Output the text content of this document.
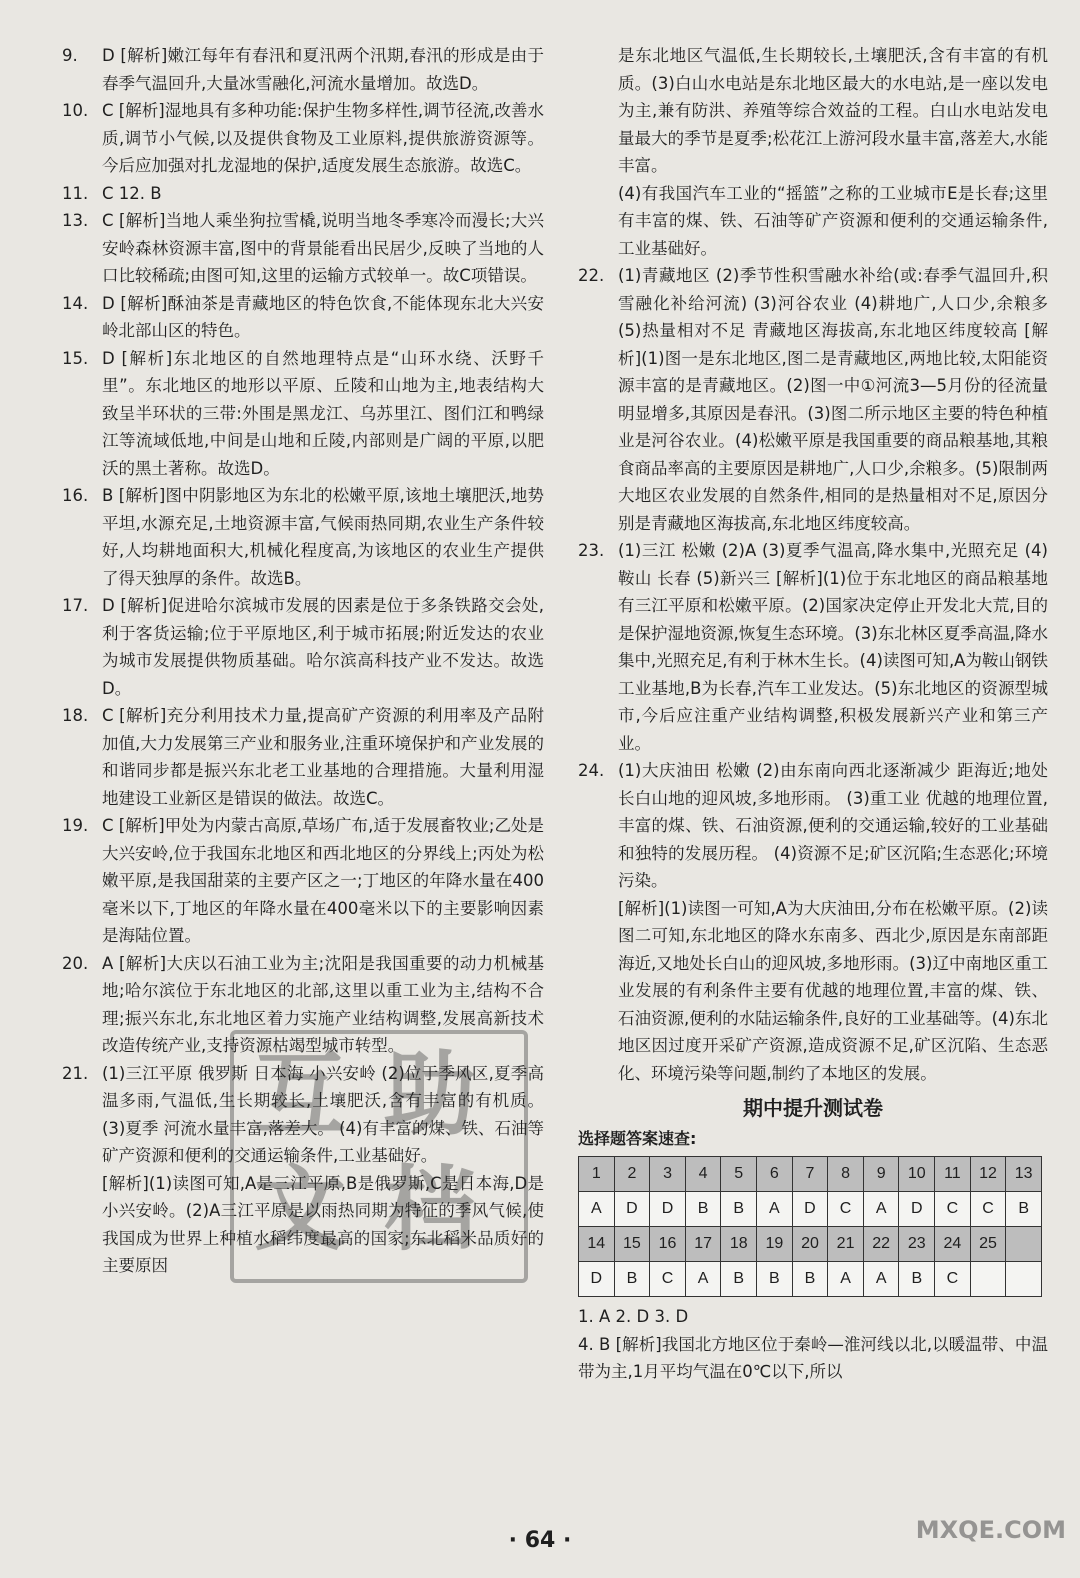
9.	D [解析]嫩江每年有春汛和夏汛两个汛期,春汛的形成是由于春季气温回升,大量冰雪融化,河流水量增加。故选D。
10. C [解析]湿地具有多种功能:保护生物多样性,调节径流,改善水质,调节小气候,以及提供食物及工业原料,提供旅游资源等。今后应加强对扎龙湿地的保护,适度发展生态旅游。故选C。
11. C 12. B
13. C [解析]当地人乘坐狗拉雪橇,说明当地冬季寒冷而漫长;大兴安岭森林资源丰富,图中的背景能看出民居少,反映了当地的人口比较稀疏;由图可知,这里的运输方式较单一。故C项错误。
14. D [解析]酥油茶是青藏地区的特色饮食,不能体现东北大兴安岭北部山区的特色。
15. D [解析]东北地区的自然地理特点是“山环水绕、沃野千里”。东北地区的地形以平原、丘陵和山地为主,地表结构大致呈半环状的三带:外围是黑龙江、乌苏里江、图们江和鸭绿江等流域低地,中间是山地和丘陵,内部则是广阔的平原,以肥沃的黑土著称。故选D。
16. B [解析]图中阴影地区为东北的松嫩平原,该地土壤肥沃,地势平坦,水源充足,土地资源丰富,气候雨热同期,农业生产条件较好,人均耕地面积大,机械化程度高,为该地区的农业生产提供了得天独厚的条件。故选B。
17. D [解析]促进哈尔滨城市发展的因素是位于多条铁路交会处,利于客货运输;位于平原地区,利于城市拓展;附近发达的农业为城市发展提供物质基础。哈尔滨高科技产业不发达。故选D。
18. C [解析]充分利用技术力量,提高矿产资源的利用率及产品附加值,大力发展第三产业和服务业,注重环境保护和产业发展的和谐同步都是振兴东北老工业基地的合理措施。大量利用湿地建设工业新区是错误的做法。故选C。
19. C [解析]甲处为内蒙古高原,草场广布,适于发展畜牧业;乙处是大兴安岭,位于我国东北地区和西北地区的分界线上;丙处为松嫩平原,是我国甜菜的主要产区之一;丁地区的年降水量在400毫米以下,丁地区的年降水量在400毫米以下的主要影响因素是海陆位置。
20. A [解析]大庆以石油工业为主;沈阳是我国重要的动力机械基地;哈尔滨位于东北地区的北部,这里以重工业为主,结构不合理;振兴东北,东北地区着力实施产业结构调整,发展高新技术改造传统产业,支持资源枯竭型城市转型。
21. (1)三江平原 俄罗斯 日本海 小兴安岭 (2)位于季风区,夏季高温多雨,气温低,生长期较长,土壤肥沃,含有丰富的有机质。 (3)夏季 河流水量丰富,落差大。 (4)有丰富的煤、铁、石油等矿产资源和便利的交通运输条件,工业基础好。

[解析](1)读图可知,A是三江平原,B是俄罗斯,C是日本海,D是小兴安岭。(2)A三江平原是以雨热同期为特征的季风气候,使我国成为世界上种植水稻纬度最高的国家;东北稻米品质好的主要原因

是东北地区气温低,生长期较长,土壤肥沃,含有丰富的有机质。(3)白山水电站是东北地区最大的水电站,是一座以发电为主,兼有防洪、养殖等综合效益的工程。白山水电站发电量最大的季节是夏季;松花江上游河段水量丰富,落差大,水能丰富。

(4)有我国汽车工业的“摇篮”之称的工业城市E是长春;这里有丰富的煤、铁、石油等矿产资源和便利的交通运输条件,工业基础好。

22. (1)青藏地区 (2)季节性积雪融水补给(或:春季气温回升,积雪融化补给河流) (3)河谷农业 (4)耕地广,人口少,余粮多 (5)热量相对不足 青藏地区海拔高,东北地区纬度较高 [解析](1)图一是东北地区,图二是青藏地区,两地比较,太阳能资源丰富的是青藏地区。(2)图一中①河流3—5月份的径流量明显增多,其原因是春汛。(3)图二所示地区主要的特色种植业是河谷农业。(4)松嫩平原是我国重要的商品粮基地,其粮食商品率高的主要原因是耕地广,人口少,余粮多。(5)限制两大地区农业发展的自然条件,相同的是热量相对不足,原因分别是青藏地区海拔高,东北地区纬度较高。
23. (1)三江 松嫩 (2)A (3)夏季气温高,降水集中,光照充足 (4)鞍山 长春 (5)新兴三 [解析](1)位于东北地区的商品粮基地有三江平原和松嫩平原。(2)国家决定停止开发北大荒,目的是保护湿地资源,恢复生态环境。(3)东北林区夏季高温,降水集中,光照充足,有利于林木生长。(4)读图可知,A为鞍山钢铁工业基地,B为长春,汽车工业发达。(5)东北地区的资源型城市,今后应注重产业结构调整,积极发展新兴产业和第三产业。
24. (1)大庆油田 松嫩 (2)由东南向西北逐渐减少 距海近;地处长白山地的迎风坡,多地形雨。 (3)重工业 优越的地理位置,丰富的煤、铁、石油资源,便利的交通运输,较好的工业基础和独特的发展历程。 (4)资源不足;矿区沉陷;生态恶化;环境污染。

[解析](1)读图一可知,A为大庆油田,分布在松嫩平原。(2)读图二可知,东北地区的降水东南多、西北少,原因是东南部距海近,又地处长白山的迎风坡,多地形雨。(3)辽中南地区重工业发展的有利条件主要有优越的地理位置,丰富的煤、铁、石油资源,便利的水陆运输条件,良好的工业基础等。(4)东北地区因过度开采矿产资源,造成资源不足,矿区沉陷、生态恶化、环境污染等问题,制约了本地区的发展。

期中提升测试卷
选择题答案速查:
1	2	3	4	5	6	7	8	9	10	11	12	13
A	D	D	B	B	A	D	C	A	D	C	C	B
14	15	16	17	18	19	20	21	22	23	24	25	
D	B	C	A	B	B	B	A	A	B	C		

1. A 2. D 3. D

4. B [解析]我国北方地区位于秦岭—淮河线以北,以暖温带、中温带为主,1月平均气温在0℃以下,所以

互 助
文 档
· 64 ·	MXQE.COM
